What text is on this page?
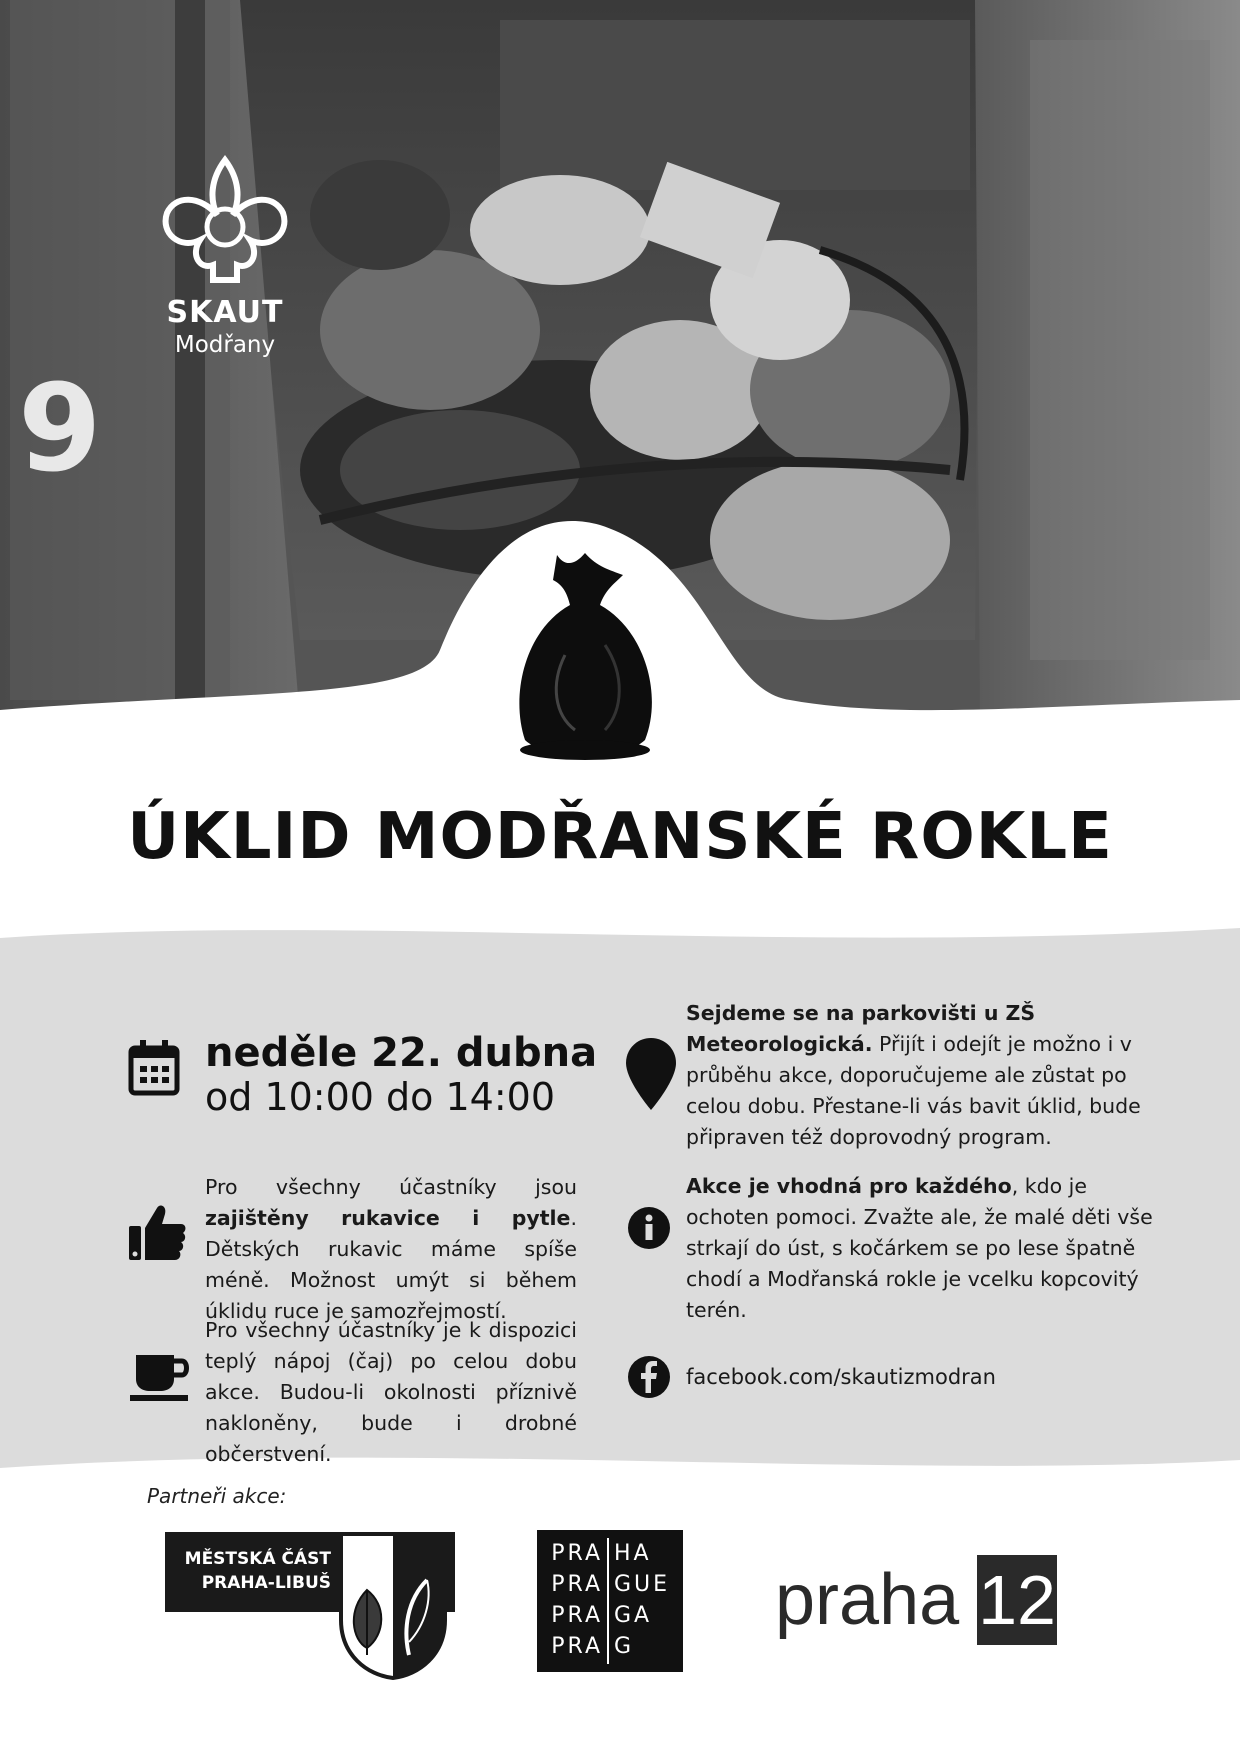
9
SKAUT
Modřany
ÚKLID MODŘANSKÉ ROKLE
neděle 22. dubna
od 10:00 do 14:00
Pro všechny účastníky jsou zajištěny rukavice i pytle. Dětských rukavic máme spíše méně. Možnost umýt si během úklidu ruce je samozřejmostí.
Pro všechny účastníky je k dispozici teplý nápoj (čaj) po celou dobu akce. Budou-li okolnosti příznivě nakloněny, bude i drobné občerstvení.
Sejdeme se na parkovišti u ZŠ Meteorologická. Přijít i odejít je možno i v průběhu akce, doporučujeme ale zůstat po celou dobu. Přestane-li vás bavit úklid, bude připraven též doprovodný program.
Akce je vhodná pro každého, kdo je ochoten pomoci. Zvažte ale, že malé děti vše strkají do úst, s kočárkem se po lese špatně chodí a Modřanská rokle je vcelku kopcovitý terén.
facebook.com/skautizmodran
Partneři akce:
MĚSTSKÁ ČÁST
PRAHA-LIBUŠ
PRA
PRA
PRA
PRA
HA
GUE
GA
G
praha 12
